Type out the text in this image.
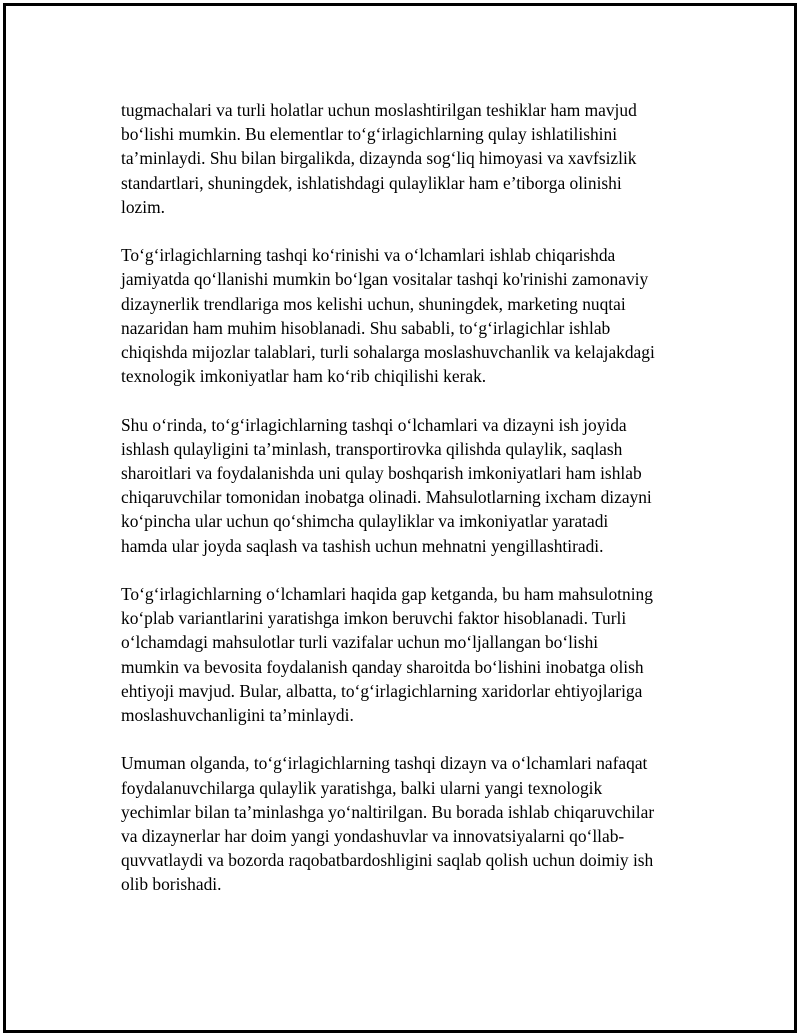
tugmachalari va turli holatlar uchun moslashtirilgan teshiklar ham mavjud
bo‘lishi mumkin. Bu elementlar to‘g‘irlagichlarning qulay ishlatilishini
ta’minlaydi. Shu bilan birgalikda, dizaynda sog‘liq himoyasi va xavfsizlik
standartlari, shuningdek, ishlatishdagi qulayliklar ham e’tiborga olinishi
lozim.

To‘g‘irlagichlarning tashqi ko‘rinishi va o‘lchamlari ishlab chiqarishda
jamiyatda qo‘llanishi mumkin bo‘lgan vositalar tashqi ko'rinishi zamonaviy
dizaynerlik trendlariga mos kelishi uchun, shuningdek, marketing nuqtai
nazaridan ham muhim hisoblanadi. Shu sababli, to‘g‘irlagichlar ishlab
chiqishda mijozlar talablari, turli sohalarga moslashuvchanlik va kelajakdagi
texnologik imkoniyatlar ham ko‘rib chiqilishi kerak.

Shu o‘rinda, to‘g‘irlagichlarning tashqi o‘lchamlari va dizayni ish joyida
ishlash qulayligini ta’minlash, transportirovka qilishda qulaylik, saqlash
sharoitlari va foydalanishda uni qulay boshqarish imkoniyatlari ham ishlab
chiqaruvchilar tomonidan inobatga olinadi. Mahsulotlarning ixcham dizayni
ko‘pincha ular uchun qo‘shimcha qulayliklar va imkoniyatlar yaratadi
hamda ular joyda saqlash va tashish uchun mehnatni yengillashtiradi.

To‘g‘irlagichlarning o‘lchamlari haqida gap ketganda, bu ham mahsulotning
ko‘plab variantlarini yaratishga imkon beruvchi faktor hisoblanadi. Turli
o‘lchamdagi mahsulotlar turli vazifalar uchun mo‘ljallangan bo‘lishi
mumkin va bevosita foydalanish qanday sharoitda bo‘lishini inobatga olish
ehtiyoji mavjud. Bular, albatta, to‘g‘irlagichlarning xaridorlar ehtiyojlariga
moslashuvchanligini ta’minlaydi.

Umuman olganda, to‘g‘irlagichlarning tashqi dizayn va o‘lchamlari nafaqat
foydalanuvchilarga qulaylik yaratishga, balki ularni yangi texnologik
yechimlar bilan ta’minlashga yo‘naltirilgan. Bu borada ishlab chiqaruvchilar
va dizaynerlar har doim yangi yondashuvlar va innovatsiyalarni qo‘llab-
quvvatlaydi va bozorda raqobatbardoshligini saqlab qolish uchun doimiy ish
olib borishadi.
